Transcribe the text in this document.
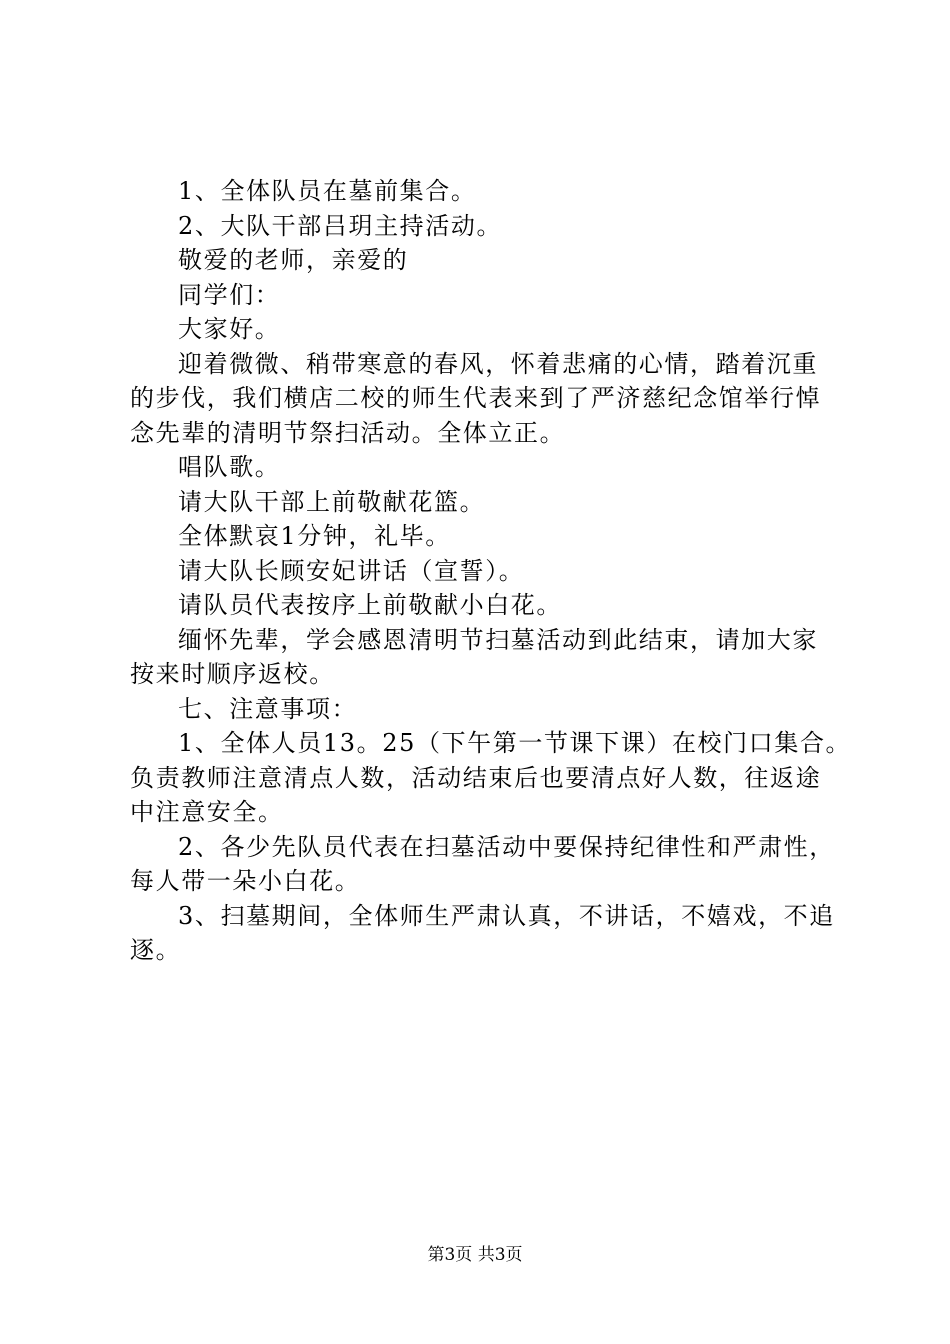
1、全体队员在墓前集合。
2、大队干部吕玥主持活动。
敬爱的老师，亲爱的
同学们：
大家好。
迎着微微、稍带寒意的春风，怀着悲痛的心情，踏着沉重
的步伐，我们横店二校的师生代表来到了严济慈纪念馆举行悼
念先辈的清明节祭扫活动。全体立正。
唱队歌。
请大队干部上前敬献花篮。
全体默哀1分钟，礼毕。
请大队长顾安妃讲话（宣誓）。
请队员代表按序上前敬献小白花。
缅怀先辈，学会感恩清明节扫墓活动到此结束，请加大家
按来时顺序返校。
七、注意事项：
1、全体人员13。25（下午第一节课下课）在校门口集合。
负责教师注意清点人数，活动结束后也要清点好人数，往返途
中注意安全。
2、各少先队员代表在扫墓活动中要保持纪律性和严肃性，
每人带一朵小白花。
3、扫墓期间，全体师生严肃认真，不讲话，不嬉戏，不追
逐。
第3页 共3页
